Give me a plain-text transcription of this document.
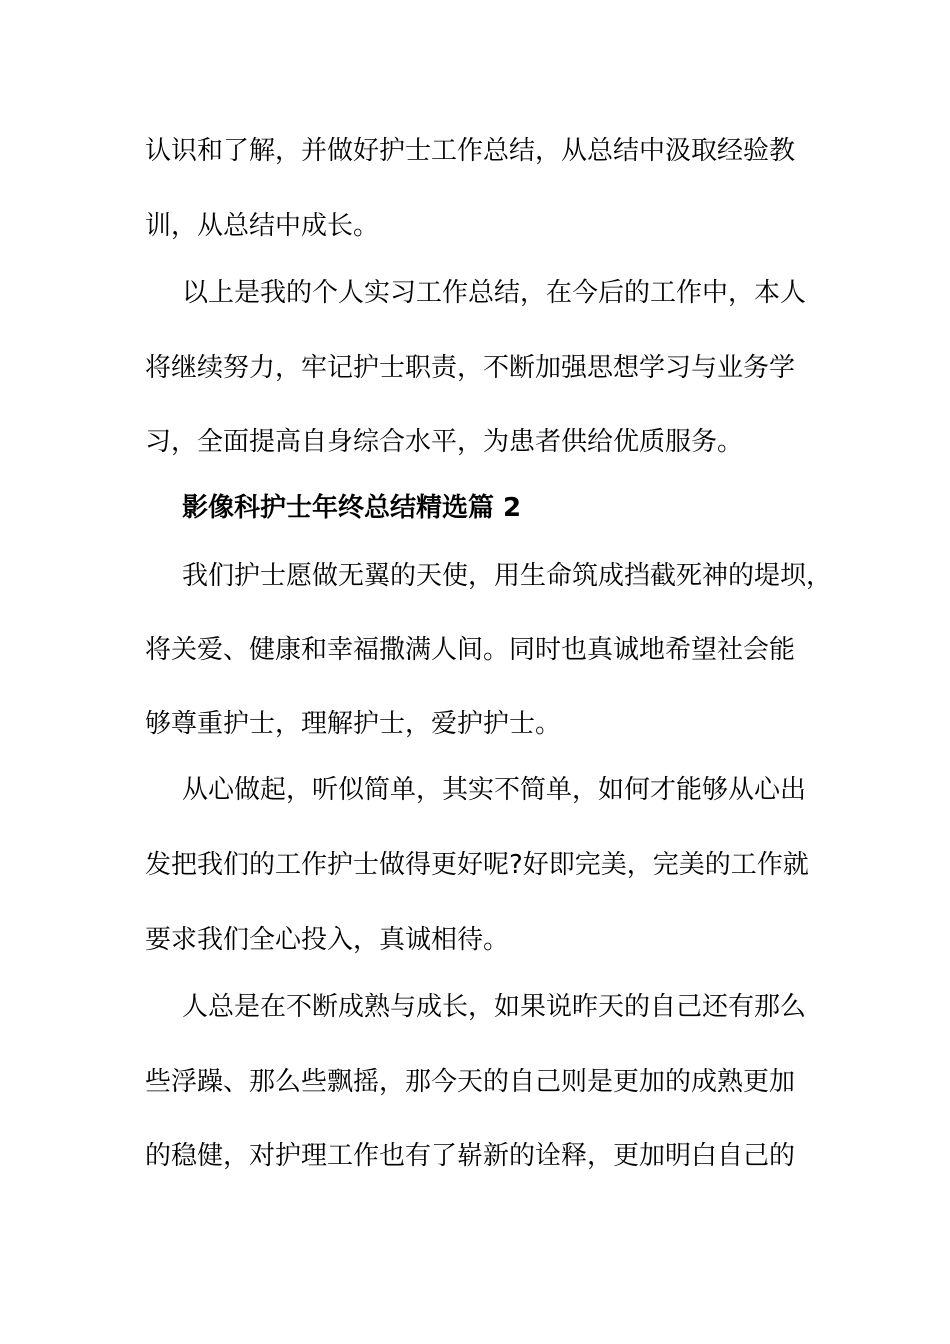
认识和了解，并做好护士工作总结，从总结中汲取经验教
训，从总结中成长。
以上是我的个人实习工作总结，在今后的工作中，本人
将继续努力，牢记护士职责，不断加强思想学习与业务学
习，全面提高自身综合水平，为患者供给优质服务。
影像科护士年终总结精选篇 2
我们护士愿做无翼的天使，用生命筑成挡截死神的堤坝，
将关爱、健康和幸福撒满人间。同时也真诚地希望社会能
够尊重护士，理解护士，爱护护士。
从心做起，听似简单，其实不简单，如何才能够从心出
发把我们的工作护士做得更好呢?好即完美，完美的工作就
要求我们全心投入，真诚相待。
人总是在不断成熟与成长，如果说昨天的自己还有那么
些浮躁、那么些飘摇，那今天的自己则是更加的成熟更加
的稳健，对护理工作也有了崭新的诠释，更加明白自己的
